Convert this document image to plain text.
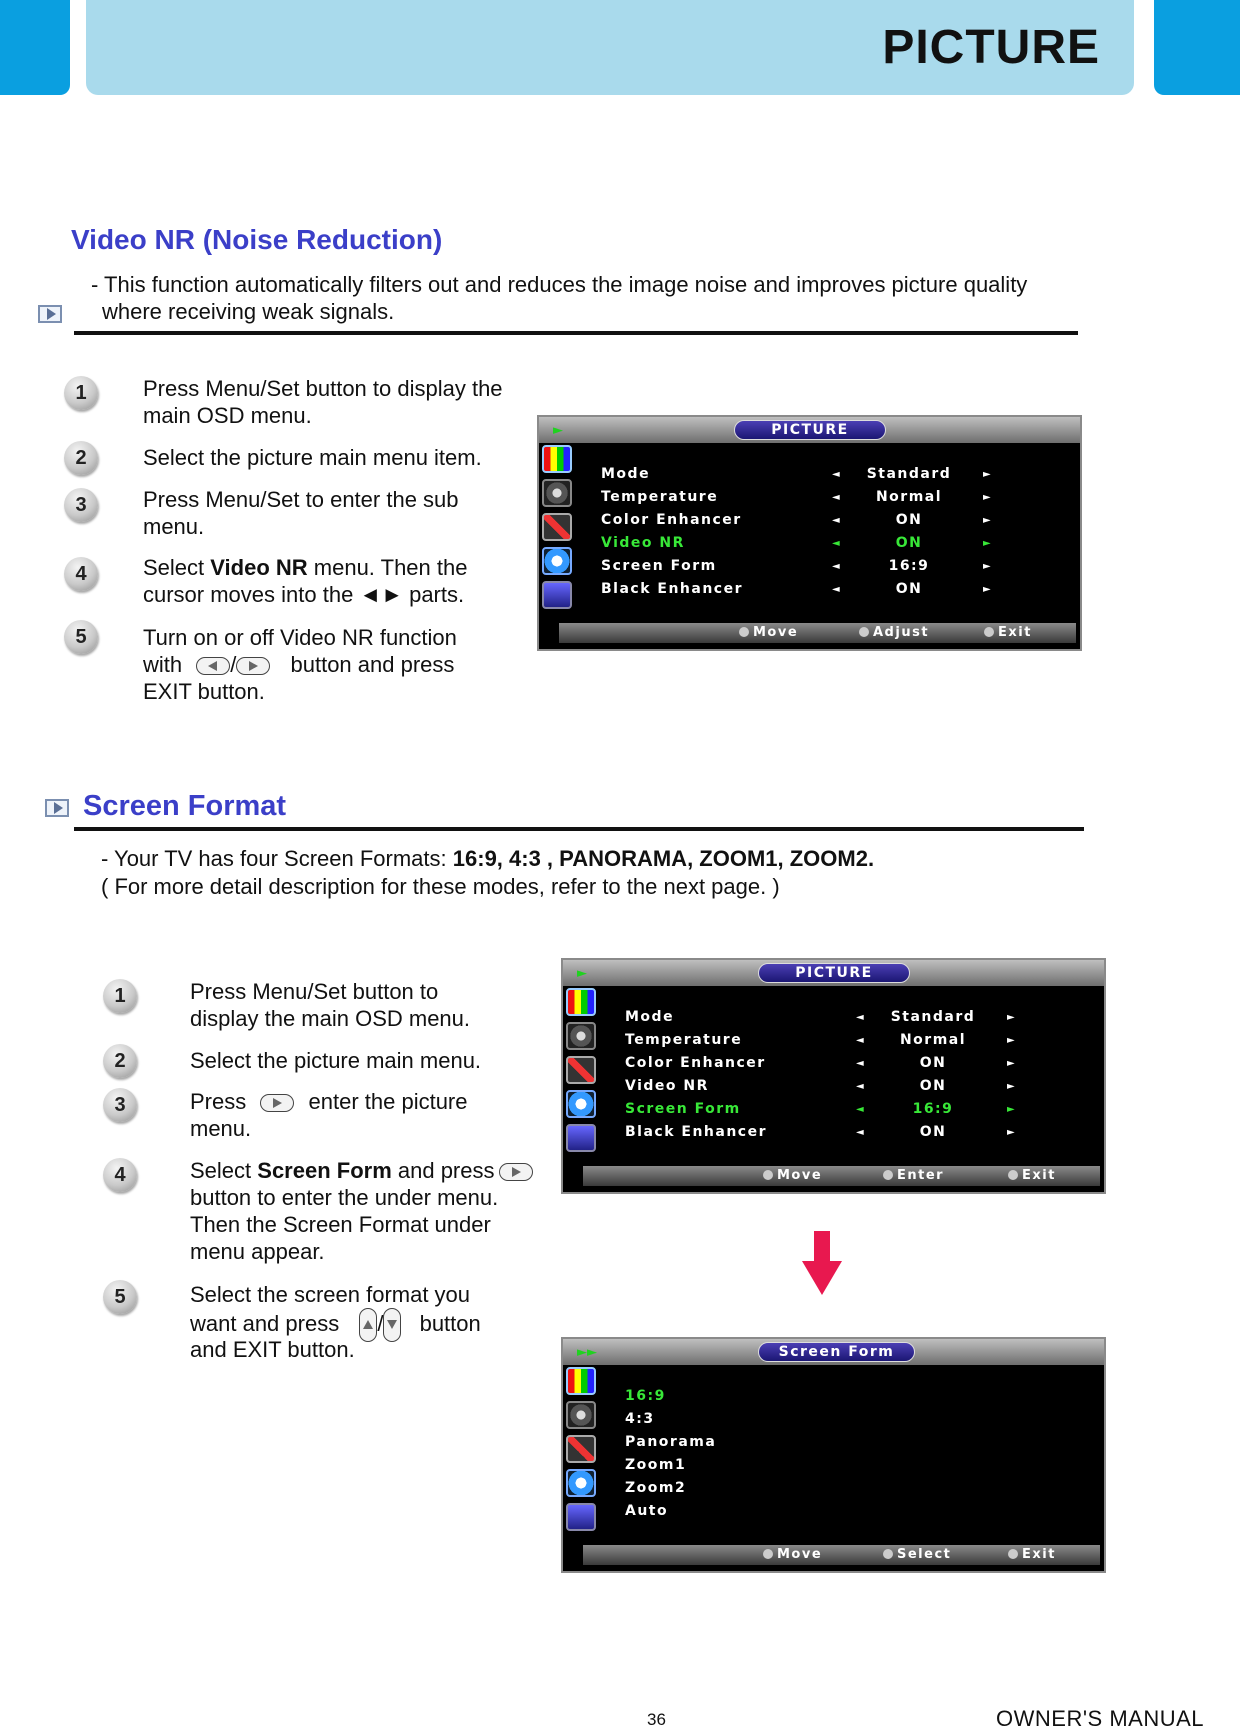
PICTURE
Video NR (Noise Reduction)
- This function automatically filters out and reduces the image noise and improves picture quality
where receiving weak signals.
1	Press Menu/Set button to display the
main OSD menu.
2	Select the picture main menu item.
3	Press Menu/Set to enter the sub
menu.
4	Select Video NR menu. Then the
cursor moves into the ◄► parts.
5	Turn on or off Video NR function
with / button and press
EXIT button.
►	PICTURE
Mode	◄	Standard	►
Temperature	◄	Normal	►
Color Enhancer	◄	ON	►
Video NR	◄	ON	►
Screen Form	◄	16:9	►
Black Enhancer	◄	ON	►
Move	Adjust	Exit
Screen Format
- Your TV has four Screen Formats: 16:9, 4:3 , PANORAMA, ZOOM1, ZOOM2.
( For more detail description for these modes, refer to the next page. )
1	Press Menu/Set button to
display the main OSD menu.
2	Select the picture main menu.
3	Press	enter the picture
menu.
4	Select Screen Form and press
button to enter the under menu.
Then the Screen Format under
menu appear.
5	Select the screen format you
want and press / button
and EXIT button.
►	PICTURE
Mode	◄	Standard	►
Temperature	◄	Normal	►
Color Enhancer	◄	ON	►
Video NR	◄	ON	►
Screen Form	◄	16:9	►
Black Enhancer	◄	ON	►
Move	Enter	Exit
►►	Screen Form
16:9
4:3
Panorama
Zoom1
Zoom2
Auto
Move	Select	Exit
36	OWNER'S MANUAL
